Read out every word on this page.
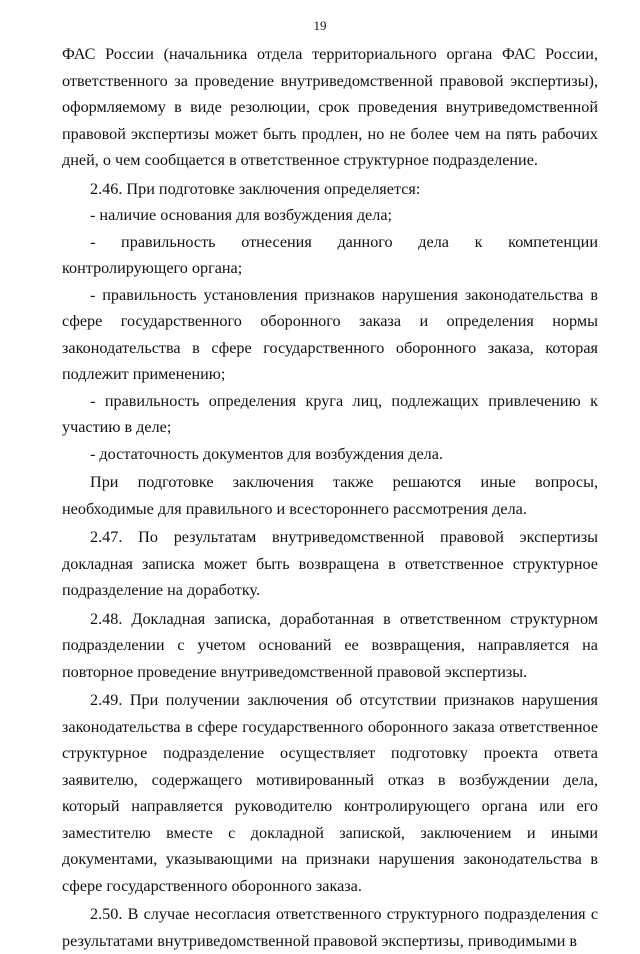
19

ФАС России (начальника отдела территориального органа ФАС России, ответственного за проведение внутриведомственной правовой экспертизы), оформляемому в виде резолюции, срок проведения внутриведомственной правовой экспертизы может быть продлен, но не более чем на пять рабочих дней, о чем сообщается в ответственное структурное подразделение.

2.46. При подготовке заключения определяется:

- наличие основания для возбуждения дела;

- правильность отнесения данного дела к компетенции контролирующего органа;

- правильность установления признаков нарушения законодательства в сфере государственного оборонного заказа и определения нормы законодательства в сфере государственного оборонного заказа, которая подлежит применению;

- правильность определения круга лиц, подлежащих привлечению к участию в деле;

- достаточность документов для возбуждения дела.

При подготовке заключения также решаются иные вопросы, необходимые для правильного и всестороннего рассмотрения дела.

2.47. По результатам внутриведомственной правовой экспертизы докладная записка может быть возвращена в ответственное структурное подразделение на доработку.

2.48. Докладная записка, доработанная в ответственном структурном подразделении с учетом оснований ее возвращения, направляется на повторное проведение внутриведомственной правовой экспертизы.

2.49. При получении заключения об отсутствии признаков нарушения законодательства в сфере государственного оборонного заказа ответственное структурное подразделение осуществляет подготовку проекта ответа заявителю, содержащего мотивированный отказ в возбуждении дела, который направляется руководителю контролирующего органа или его заместителю вместе с докладной запиской, заключением и иными документами, указывающими на признаки нарушения законодательства в сфере государственного оборонного заказа.

2.50. В случае несогласия ответственного структурного подразделения с результатами внутриведомственной правовой экспертизы, приводимыми в
